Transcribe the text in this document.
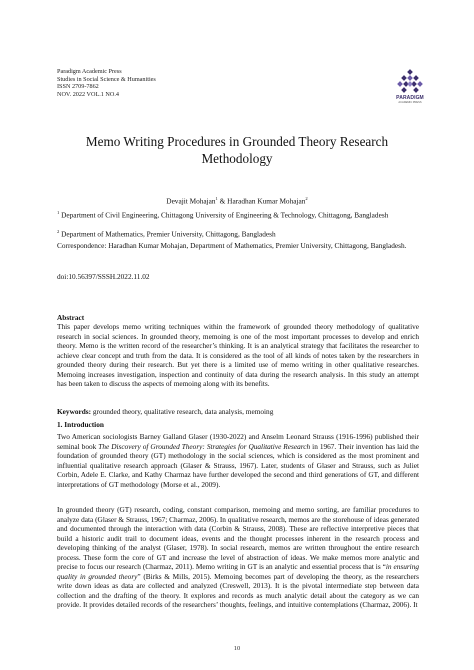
Paradigm Academic Press
Studies in Social Science & Humanities
ISSN 2709-7862
NOV. 2022 VOL.1 NO.4
PARADIGM
ACADEMIC PRESS
Memo Writing Procedures in Grounded Theory Research Methodology
Devajit Mohajan$^1$ & Haradhan Kumar Mohajan$^2$
$^1$ Department of Civil Engineering, Chittagong University of Engineering & Technology, Chittagong, Bangladesh
$^2$ Department of Mathematics, Premier University, Chittagong, Bangladesh
Correspondence: Haradhan Kumar Mohajan, Department of Mathematics, Premier University, Chittagong, Bangladesh.
doi:10.56397/SSSH.2022.11.02
Abstract
This paper develops memo writing techniques within the framework of grounded theory methodology of qualitative research in social sciences. In grounded theory, memoing is one of the most important processes to develop and enrich theory. Memo is the written record of the researcher’s thinking. It is an analytical strategy that facilitates the researcher to achieve clear concept and truth from the data. It is considered as the tool of all kinds of notes taken by the researchers in grounded theory during their research. But yet there is a limited use of memo writing in other qualitative researches. Memoing increases investigation, inspection and continuity of data during the research analysis. In this study an attempt has been taken to discuss the aspects of memoing along with its benefits.
Keywords: grounded theory, qualitative research, data analysis, memoing
1. Introduction
Two American sociologists Barney Galland Glaser (1930-2022) and Anselm Leonard Strauss (1916-1996) published their seminal book The Discovery of Grounded Theory: Strategies for Qualitative Research in 1967. Their invention has laid the foundation of grounded theory (GT) methodology in the social sciences, which is considered as the most prominent and influential qualitative research approach (Glaser & Strauss, 1967). Later, students of Glaser and Strauss, such as Juliet Corbin, Adele E. Clarke, and Kathy Charmaz have further developed the second and third generations of GT, and different interpretations of GT methodology (Morse et al., 2009).
In grounded theory (GT) research, coding, constant comparison, memoing and memo sorting, are familiar procedures to analyze data (Glaser & Strauss, 1967; Charmaz, 2006). In qualitative research, memos are the storehouse of ideas generated and documented through the interaction with data (Corbin & Strauss, 2008). These are reflective interpretive pieces that build a historic audit trail to document ideas, events and the thought processes inherent in the research process and developing thinking of the analyst (Glaser, 1978). In social research, memos are written throughout the entire research process. These form the core of GT and increase the level of abstraction of ideas. We make memos more analytic and precise to focus our research (Charmaz, 2011). Memo writing in GT is an analytic and essential process that is “in ensuring quality in grounded theory” (Birks & Mills, 2015). Memoing becomes part of developing the theory, as the researchers write down ideas as data are collected and analyzed (Creswell, 2013). It is the pivotal intermediate step between data collection and the drafting of the theory. It explores and records as much analytic detail about the category as we can provide. It provides detailed records of the researchers’ thoughts, feelings, and intuitive contemplations (Charmaz, 2006). It
10
